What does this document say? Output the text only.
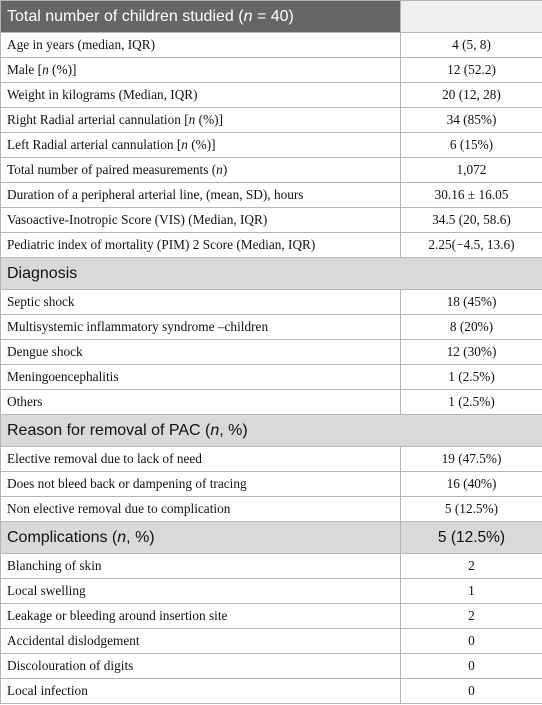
Total number of children studied (n = 40)	
Age in years (median, IQR)	4 (5, 8)
Male [n (%)]	12 (52.2)
Weight in kilograms (Median, IQR)	20 (12, 28)
Right Radial arterial cannulation [n (%)]	34 (85%)
Left Radial arterial cannulation [n (%)]	6 (15%)
Total number of paired measurements (n)	1,072
Duration of a peripheral arterial line, (mean, SD), hours	30.16 ± 16.05
Vasoactive-Inotropic Score (VIS) (Median, IQR)	34.5 (20, 58.6)
Pediatric index of mortality (PIM) 2 Score (Median, IQR)	2.25(−4.5, 13.6)
Diagnosis	
Septic shock	18 (45%)
Multisystemic inflammatory syndrome –children	8 (20%)
Dengue shock	12 (30%)
Meningoencephalitis	1 (2.5%)
Others	1 (2.5%)
Reason for removal of PAC (n, %)	
Elective removal due to lack of need	19 (47.5%)
Does not bleed back or dampening of tracing	16 (40%)
Non elective removal due to complication	5 (12.5%)
Complications (n, %)	5 (12.5%)
Blanching of skin	2
Local swelling	1
Leakage or bleeding around insertion site	2
Accidental dislodgement	0
Discolouration of digits	0
Local infection	0
